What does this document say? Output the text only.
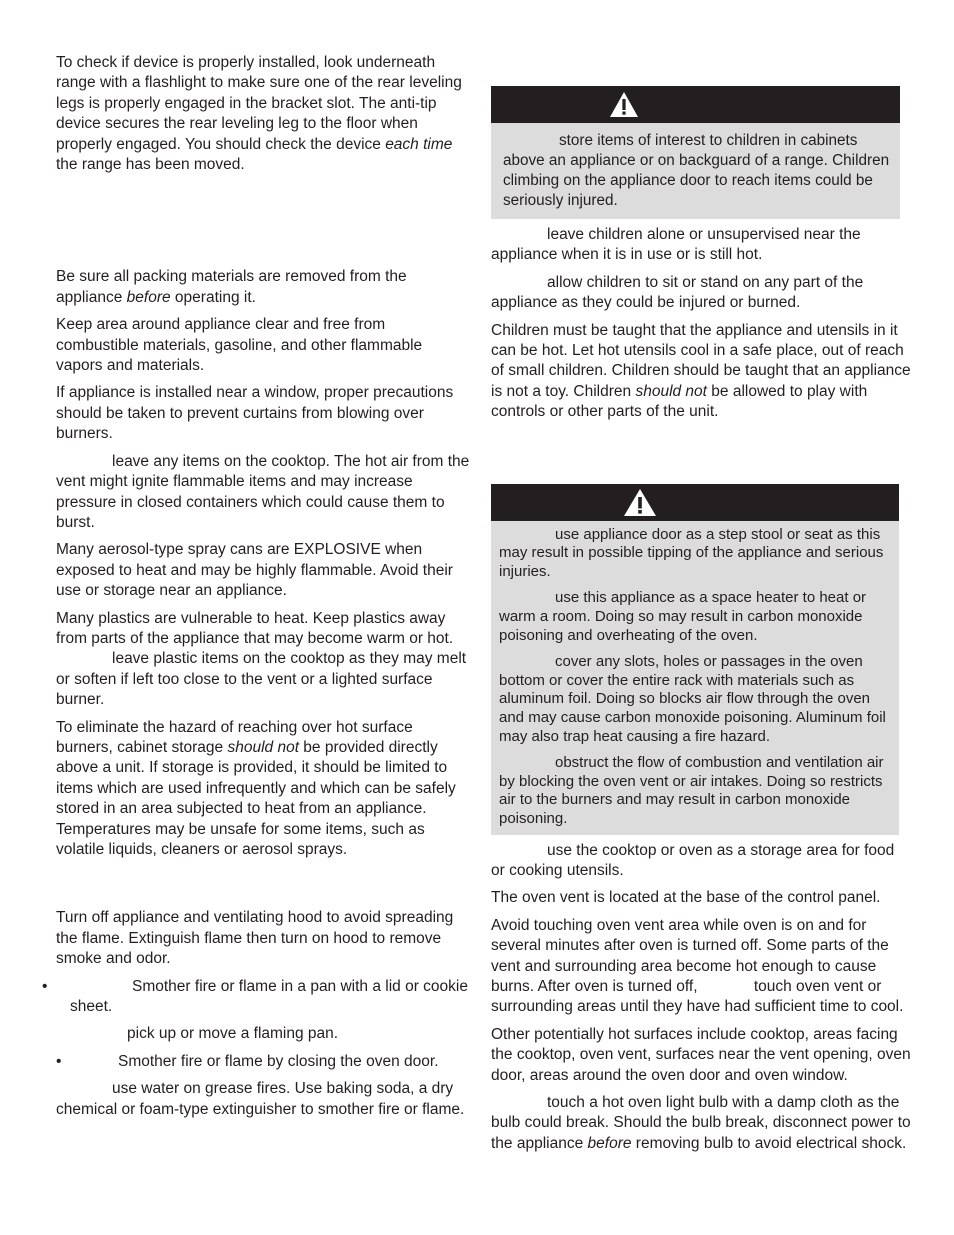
To check if device is properly installed, look underneath range with a flashlight to make sure one of the rear leveling legs is properly engaged in the bracket slot. The anti-tip device secures the rear leveling leg to the floor when properly engaged. You should check the device each time the range has been moved.

Be sure all packing materials are removed from the appliance before operating it.

Keep area around appliance clear and free from combustible materials, gasoline, and other flammable vapors and materials.

If appliance is installed near a window, proper precautions should be taken to prevent curtains from blowing over burners.

leave any items on the cooktop. The hot air from the vent might ignite flammable items and may increase pressure in closed containers which could cause them to burst.

Many aerosol-type spray cans are EXPLOSIVE when exposed to heat and may be highly flammable. Avoid their use or storage near an appliance.

Many plastics are vulnerable to heat. Keep plastics away from parts of the appliance that may become warm or hot. leave plastic items on the cooktop as they may melt or soften if left too close to the vent or a lighted surface burner.

To eliminate the hazard of reaching over hot surface burners, cabinet storage should not be provided directly above a unit. If storage is provided, it should be limited to items which are used infrequently and which can be safely stored in an area subjected to heat from an appliance. Temperatures may be unsafe for some items, such as volatile liquids, cleaners or aerosol sprays.

Turn off appliance and ventilating hood to avoid spreading the flame. Extinguish flame then turn on hood to remove smoke and odor.

•	Smother fire or flame in a pan with a lid or cookie sheet.

pick up or move a flaming pan.

•	Smother fire or flame by closing the oven door.

use water on grease fires. Use baking soda, a dry chemical or foam-type extinguisher to smother fire or flame.

store items of interest to children in cabinets above an appliance or on backguard of a range. Children climbing on the appliance door to reach items could be seriously injured.

leave children alone or unsupervised near the appliance when it is in use or is still hot.

allow children to sit or stand on any part of the appliance as they could be injured or burned.

Children must be taught that the appliance and utensils in it can be hot. Let hot utensils cool in a safe place, out of reach of small children. Children should be taught that an appliance is not a toy. Children should not be allowed to play with controls or other parts of the unit.

use appliance door as a step stool or seat as this may result in possible tipping of the appliance and serious injuries.

use this appliance as a space heater to heat or warm a room. Doing so may result in carbon monoxide poisoning and overheating of the oven.

cover any slots, holes or passages in the oven bottom or cover the entire rack with materials such as aluminum foil. Doing so blocks air flow through the oven and may cause carbon monoxide poisoning. Aluminum foil may also trap heat causing a fire hazard.

obstruct the flow of combustion and ventilation air by blocking the oven vent or air intakes. Doing so restricts air to the burners and may result in carbon monoxide poisoning.

use the cooktop or oven as a storage area for food or cooking utensils.

The oven vent is located at the base of the control panel.

Avoid touching oven vent area while oven is on and for several minutes after oven is turned off. Some parts of the vent and surrounding area become hot enough to cause burns. After oven is turned off,	touch oven vent or surrounding areas until they have had sufficient time to cool.

Other potentially hot surfaces include cooktop, areas facing the cooktop, oven vent, surfaces near the vent opening, oven door, areas around the oven door and oven window.

touch a hot oven light bulb with a damp cloth as the bulb could break. Should the bulb break, disconnect power to the appliance before removing bulb to avoid electrical shock.
